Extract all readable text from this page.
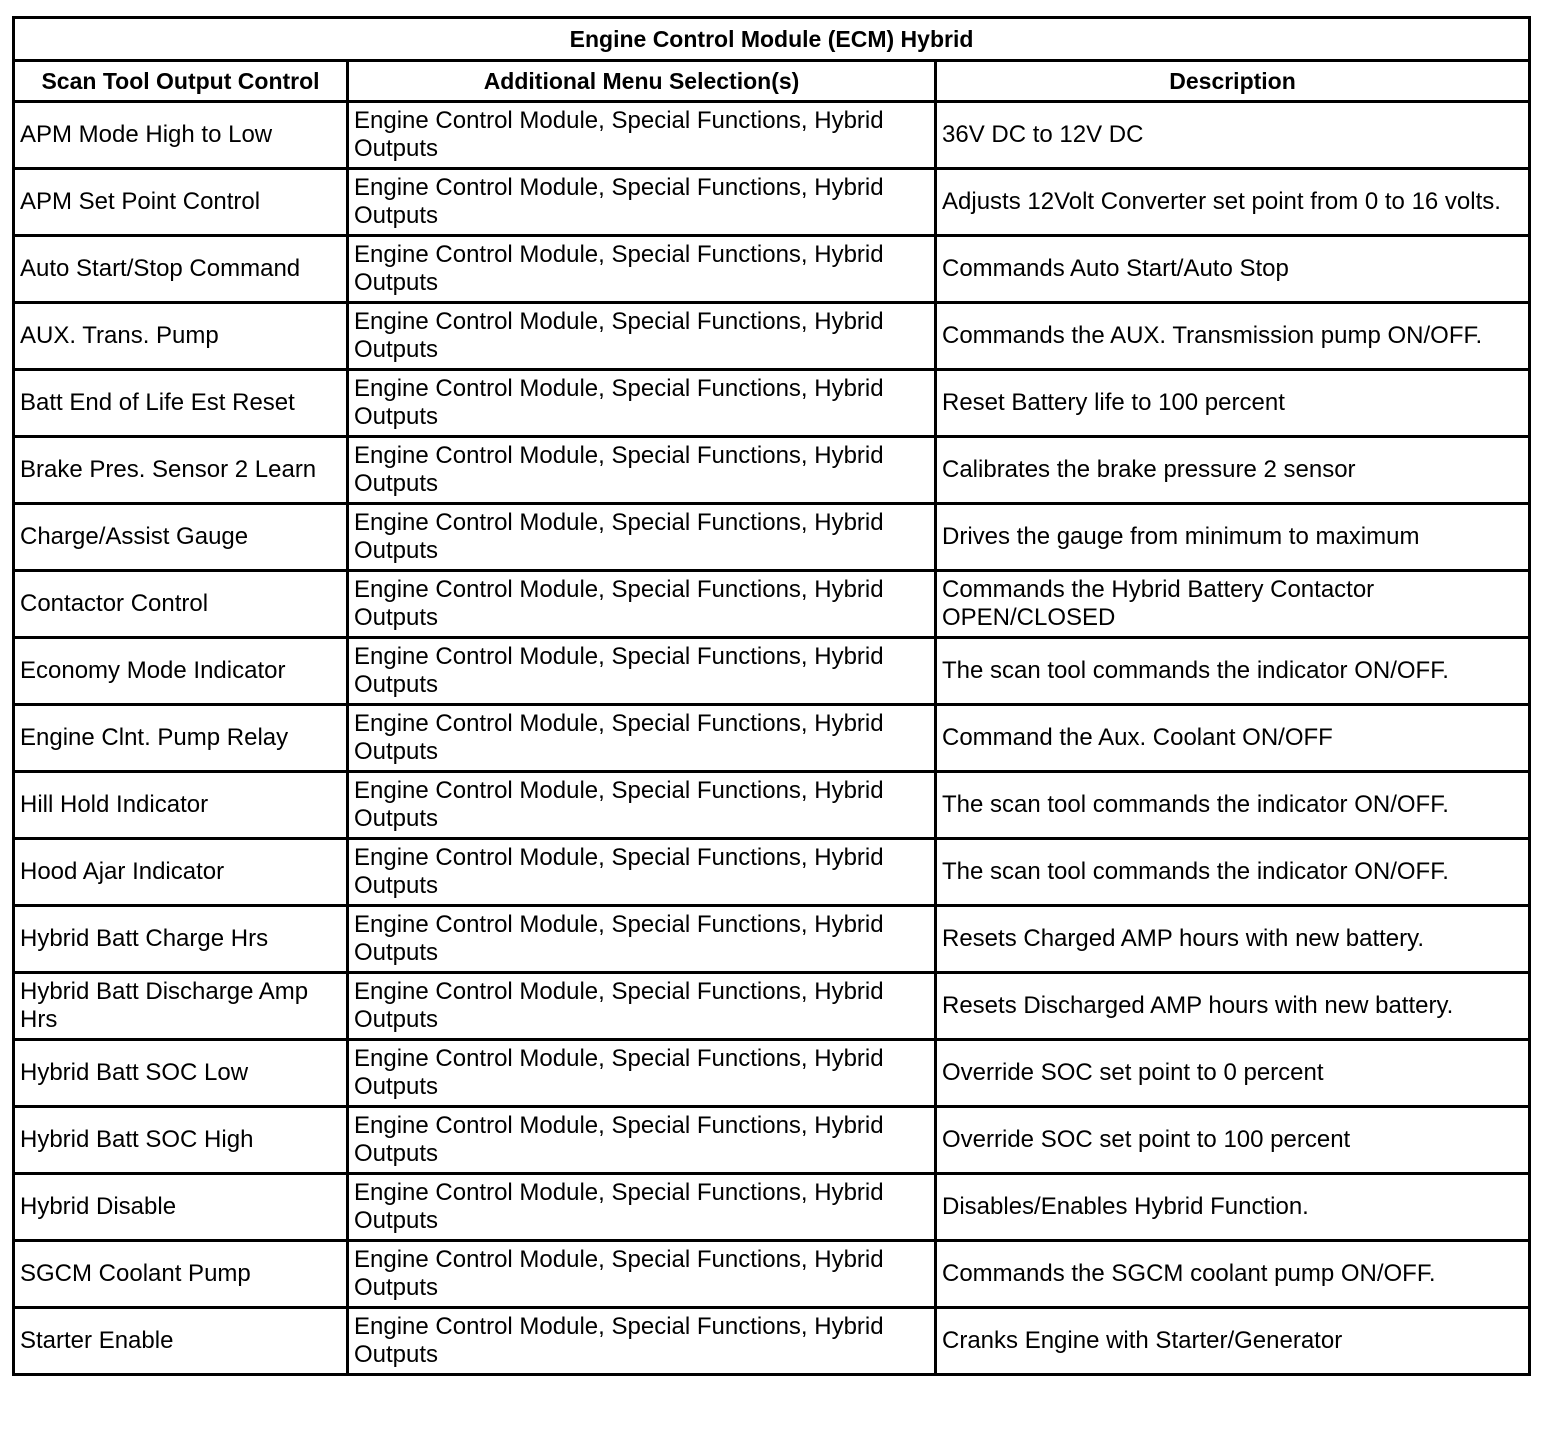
Engine Control Module (ECM) Hybrid		
Scan Tool Output Control	Additional Menu Selection(s)	Description
APM Mode High to Low	Engine Control Module, Special Functions, Hybrid Outputs	36V DC to 12V DC
APM Set Point Control	Engine Control Module, Special Functions, Hybrid Outputs	Adjusts 12Volt Converter set point from 0 to 16 volts.
Auto Start/Stop Command	Engine Control Module, Special Functions, Hybrid Outputs	Commands Auto Start/Auto Stop
AUX. Trans. Pump	Engine Control Module, Special Functions, Hybrid Outputs	Commands the AUX. Transmission pump ON/OFF.
Batt End of Life Est Reset	Engine Control Module, Special Functions, Hybrid Outputs	Reset Battery life to 100 percent
Brake Pres. Sensor 2 Learn	Engine Control Module, Special Functions, Hybrid Outputs	Calibrates the brake pressure 2 sensor
Charge/Assist Gauge	Engine Control Module, Special Functions, Hybrid Outputs	Drives the gauge from minimum to maximum
Contactor Control	Engine Control Module, Special Functions, Hybrid Outputs	Commands the Hybrid Battery Contactor OPEN/CLOSED
Economy Mode Indicator	Engine Control Module, Special Functions, Hybrid Outputs	The scan tool commands the indicator ON/OFF.
Engine Clnt. Pump Relay	Engine Control Module, Special Functions, Hybrid Outputs	Command the Aux. Coolant ON/OFF
Hill Hold Indicator	Engine Control Module, Special Functions, Hybrid Outputs	The scan tool commands the indicator ON/OFF.
Hood Ajar Indicator	Engine Control Module, Special Functions, Hybrid Outputs	The scan tool commands the indicator ON/OFF.
Hybrid Batt Charge Hrs	Engine Control Module, Special Functions, Hybrid Outputs	Resets Charged AMP hours with new battery.
Hybrid Batt Discharge Amp Hrs	Engine Control Module, Special Functions, Hybrid Outputs	Resets Discharged AMP hours with new battery.
Hybrid Batt SOC Low	Engine Control Module, Special Functions, Hybrid Outputs	Override SOC set point to 0 percent
Hybrid Batt SOC High	Engine Control Module, Special Functions, Hybrid Outputs	Override SOC set point to 100 percent
Hybrid Disable	Engine Control Module, Special Functions, Hybrid Outputs	Disables/Enables Hybrid Function.
SGCM Coolant Pump	Engine Control Module, Special Functions, Hybrid Outputs	Commands the SGCM coolant pump ON/OFF.
Starter Enable	Engine Control Module, Special Functions, Hybrid Outputs	Cranks Engine with Starter/Generator
